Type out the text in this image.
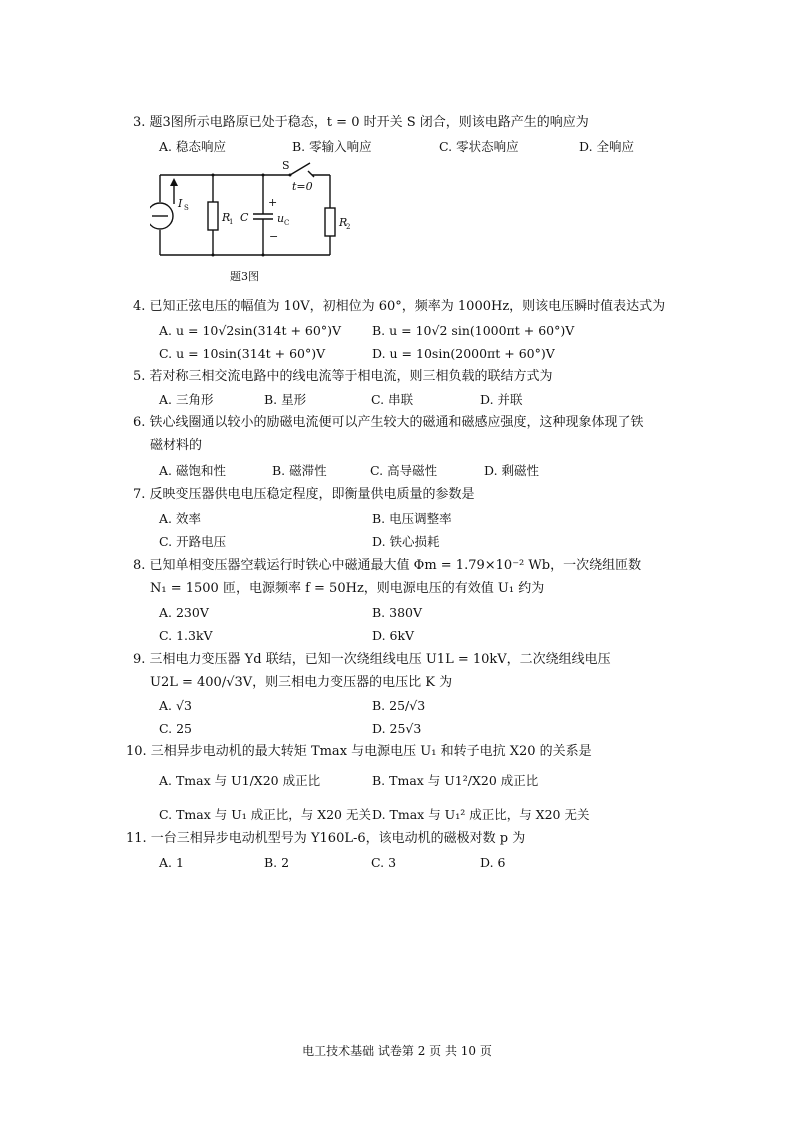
3. 题3图所示电路原已处于稳态，t = 0 时开关 S 闭合，则该电路产生的响应为
A. 稳态响应	B. 零输入响应	C. 零状态响应	D. 全响应
I S
R
1 C
+
−
u C
S
t=0
R
2
题3图
4. 已知正弦电压的幅值为 10V，初相位为 60°，频率为 1000Hz，则该电压瞬时值表达式为
A. u = 10√2sin(314t + 60°)V B. u = 10√2 sin(1000πt + 60°)V
C. u = 10sin(314t + 60°)V	D. u = 10sin(2000πt + 60°)V
5. 若对称三相交流电路中的线电流等于相电流，则三相负载的联结方式为
A. 三角形	B. 星形	C. 串联	D. 并联
6. 铁心线圈通以较小的励磁电流便可以产生较大的磁通和磁感应强度，这种现象体现了铁
磁材料的
A. 磁饱和性	B. 磁滞性	C. 高导磁性	D. 剩磁性
7. 反映变压器供电电压稳定程度，即衡量供电质量的参数是
A. 效率	B. 电压调整率
C. 开路电压	D. 铁心损耗
8. 已知单相变压器空载运行时铁心中磁通最大值 Φm = 1.79×10⁻² Wb，一次绕组匝数
N₁ = 1500 匝，电源频率 f = 50Hz，则电源电压的有效值 U₁ 约为
A. 230V	B. 380V
C. 1.3kV	D. 6kV
9. 三相电力变压器 Yd 联结，已知一次绕组线电压 U1L = 10kV，二次绕组线电压
U2L = 400/√3V，则三相电力变压器的电压比 K 为
A. √3	B. 25/√3
C. 25	D. 25√3
10. 三相异步电动机的最大转矩 Tmax 与电源电压 U₁ 和转子电抗 X20 的关系是
A. Tmax 与 U1/X20 成正比	B. Tmax 与 U1²/X20 成正比
C. Tmax 与 U₁ 成正比，与 X20 无关 D. Tmax 与 U₁² 成正比，与 X20 无关
11. 一台三相异步电动机型号为 Y160L-6，该电动机的磁极对数 p 为
A. 1	B. 2	C. 3	D. 6
电工技术基础 试卷第 2 页 共 10 页
